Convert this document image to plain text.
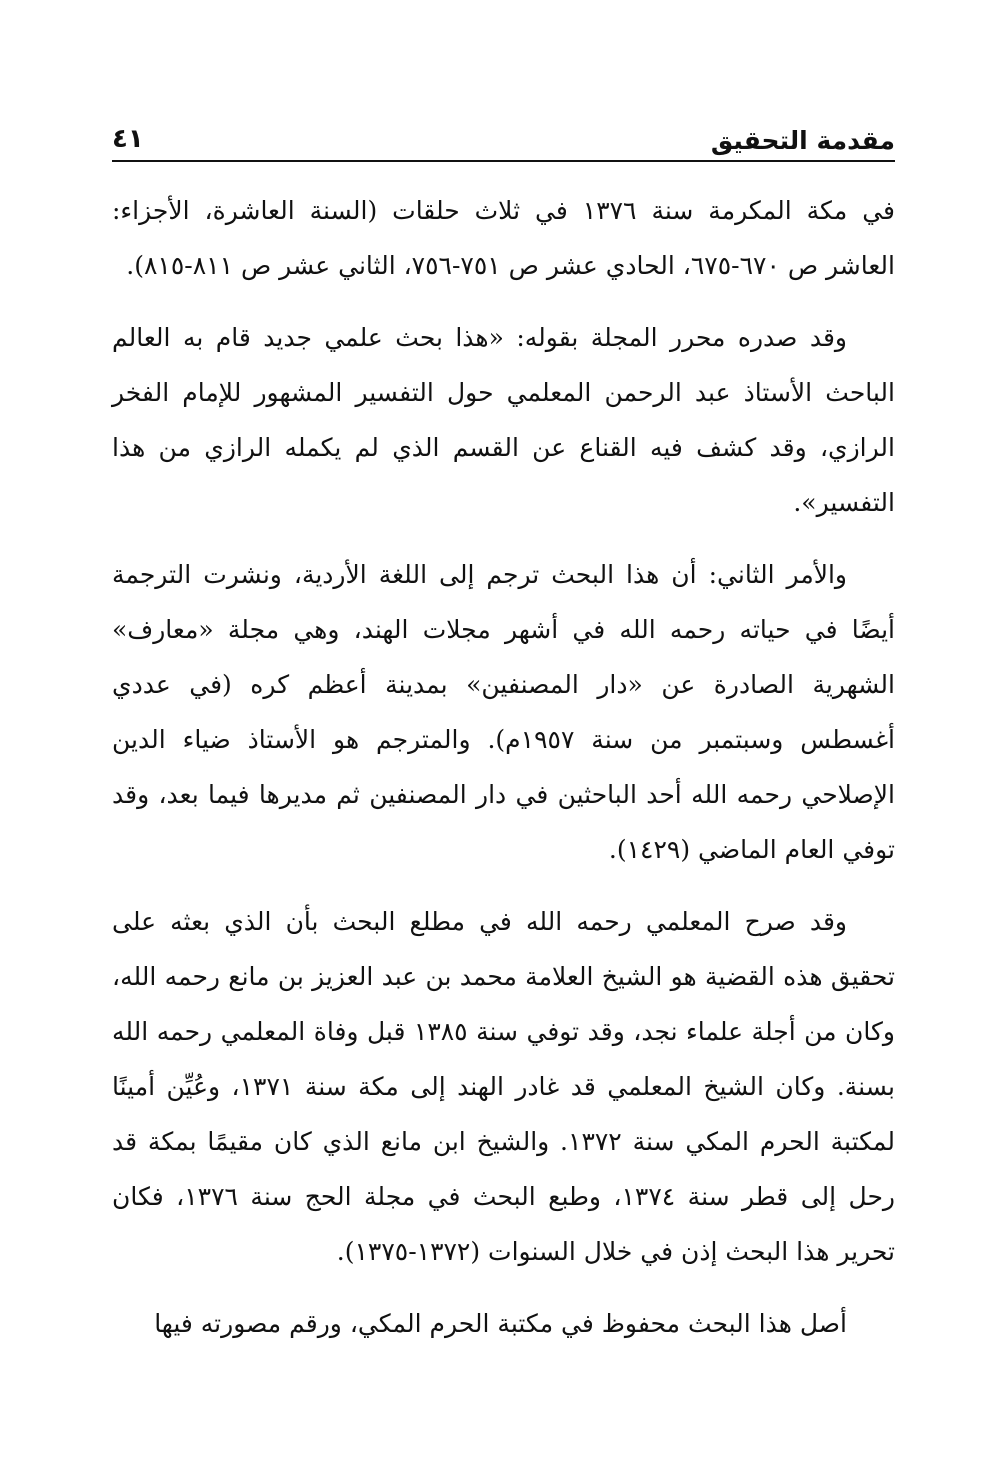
مقدمة التحقيق
٤١

في مكة المكرمة سنة ١٣٧٦ في ثلاث حلقات (السنة العاشرة، الأجزاء: العاشر ص ٦٧٠-٦٧٥، الحادي عشر ص ٧٥١-٧٥٦، الثاني عشر ص ٨١١-٨١٥).

وقد صدره محرر المجلة بقوله: «هذا بحث علمي جديد قام به العالم الباحث الأستاذ عبد الرحمن المعلمي حول التفسير المشهور للإمام الفخر الرازي، وقد كشف فيه القناع عن القسم الذي لم يكمله الرازي من هذا التفسير».

والأمر الثاني: أن هذا البحث ترجم إلى اللغة الأردية، ونشرت الترجمة أيضًا في حياته رحمه الله في أشهر مجلات الهند، وهي مجلة «معارف» الشهرية الصادرة عن «دار المصنفين» بمدينة أعظم كره (في عددي أغسطس وسبتمبر من سنة ١٩٥٧م). والمترجم هو الأستاذ ضياء الدين الإصلاحي رحمه الله أحد الباحثين في دار المصنفين ثم مديرها فيما بعد، وقد توفي العام الماضي (١٤٢٩).

وقد صرح المعلمي رحمه الله في مطلع البحث بأن الذي بعثه على تحقيق هذه القضية هو الشيخ العلامة محمد بن عبد العزيز بن مانع رحمه الله، وكان من أجلة علماء نجد، وقد توفي سنة ١٣٨٥ قبل وفاة المعلمي رحمه الله بسنة. وكان الشيخ المعلمي قد غادر الهند إلى مكة سنة ١٣٧١، وعُيِّن أمينًا لمكتبة الحرم المكي سنة ١٣٧٢. والشيخ ابن مانع الذي كان مقيمًا بمكة قد رحل إلى قطر سنة ١٣٧٤، وطبع البحث في مجلة الحج سنة ١٣٧٦، فكان تحرير هذا البحث إذن في خلال السنوات (١٣٧٢-١٣٧٥).

أصل هذا البحث محفوظ في مكتبة الحرم المكي، ورقم مصورته فيها
